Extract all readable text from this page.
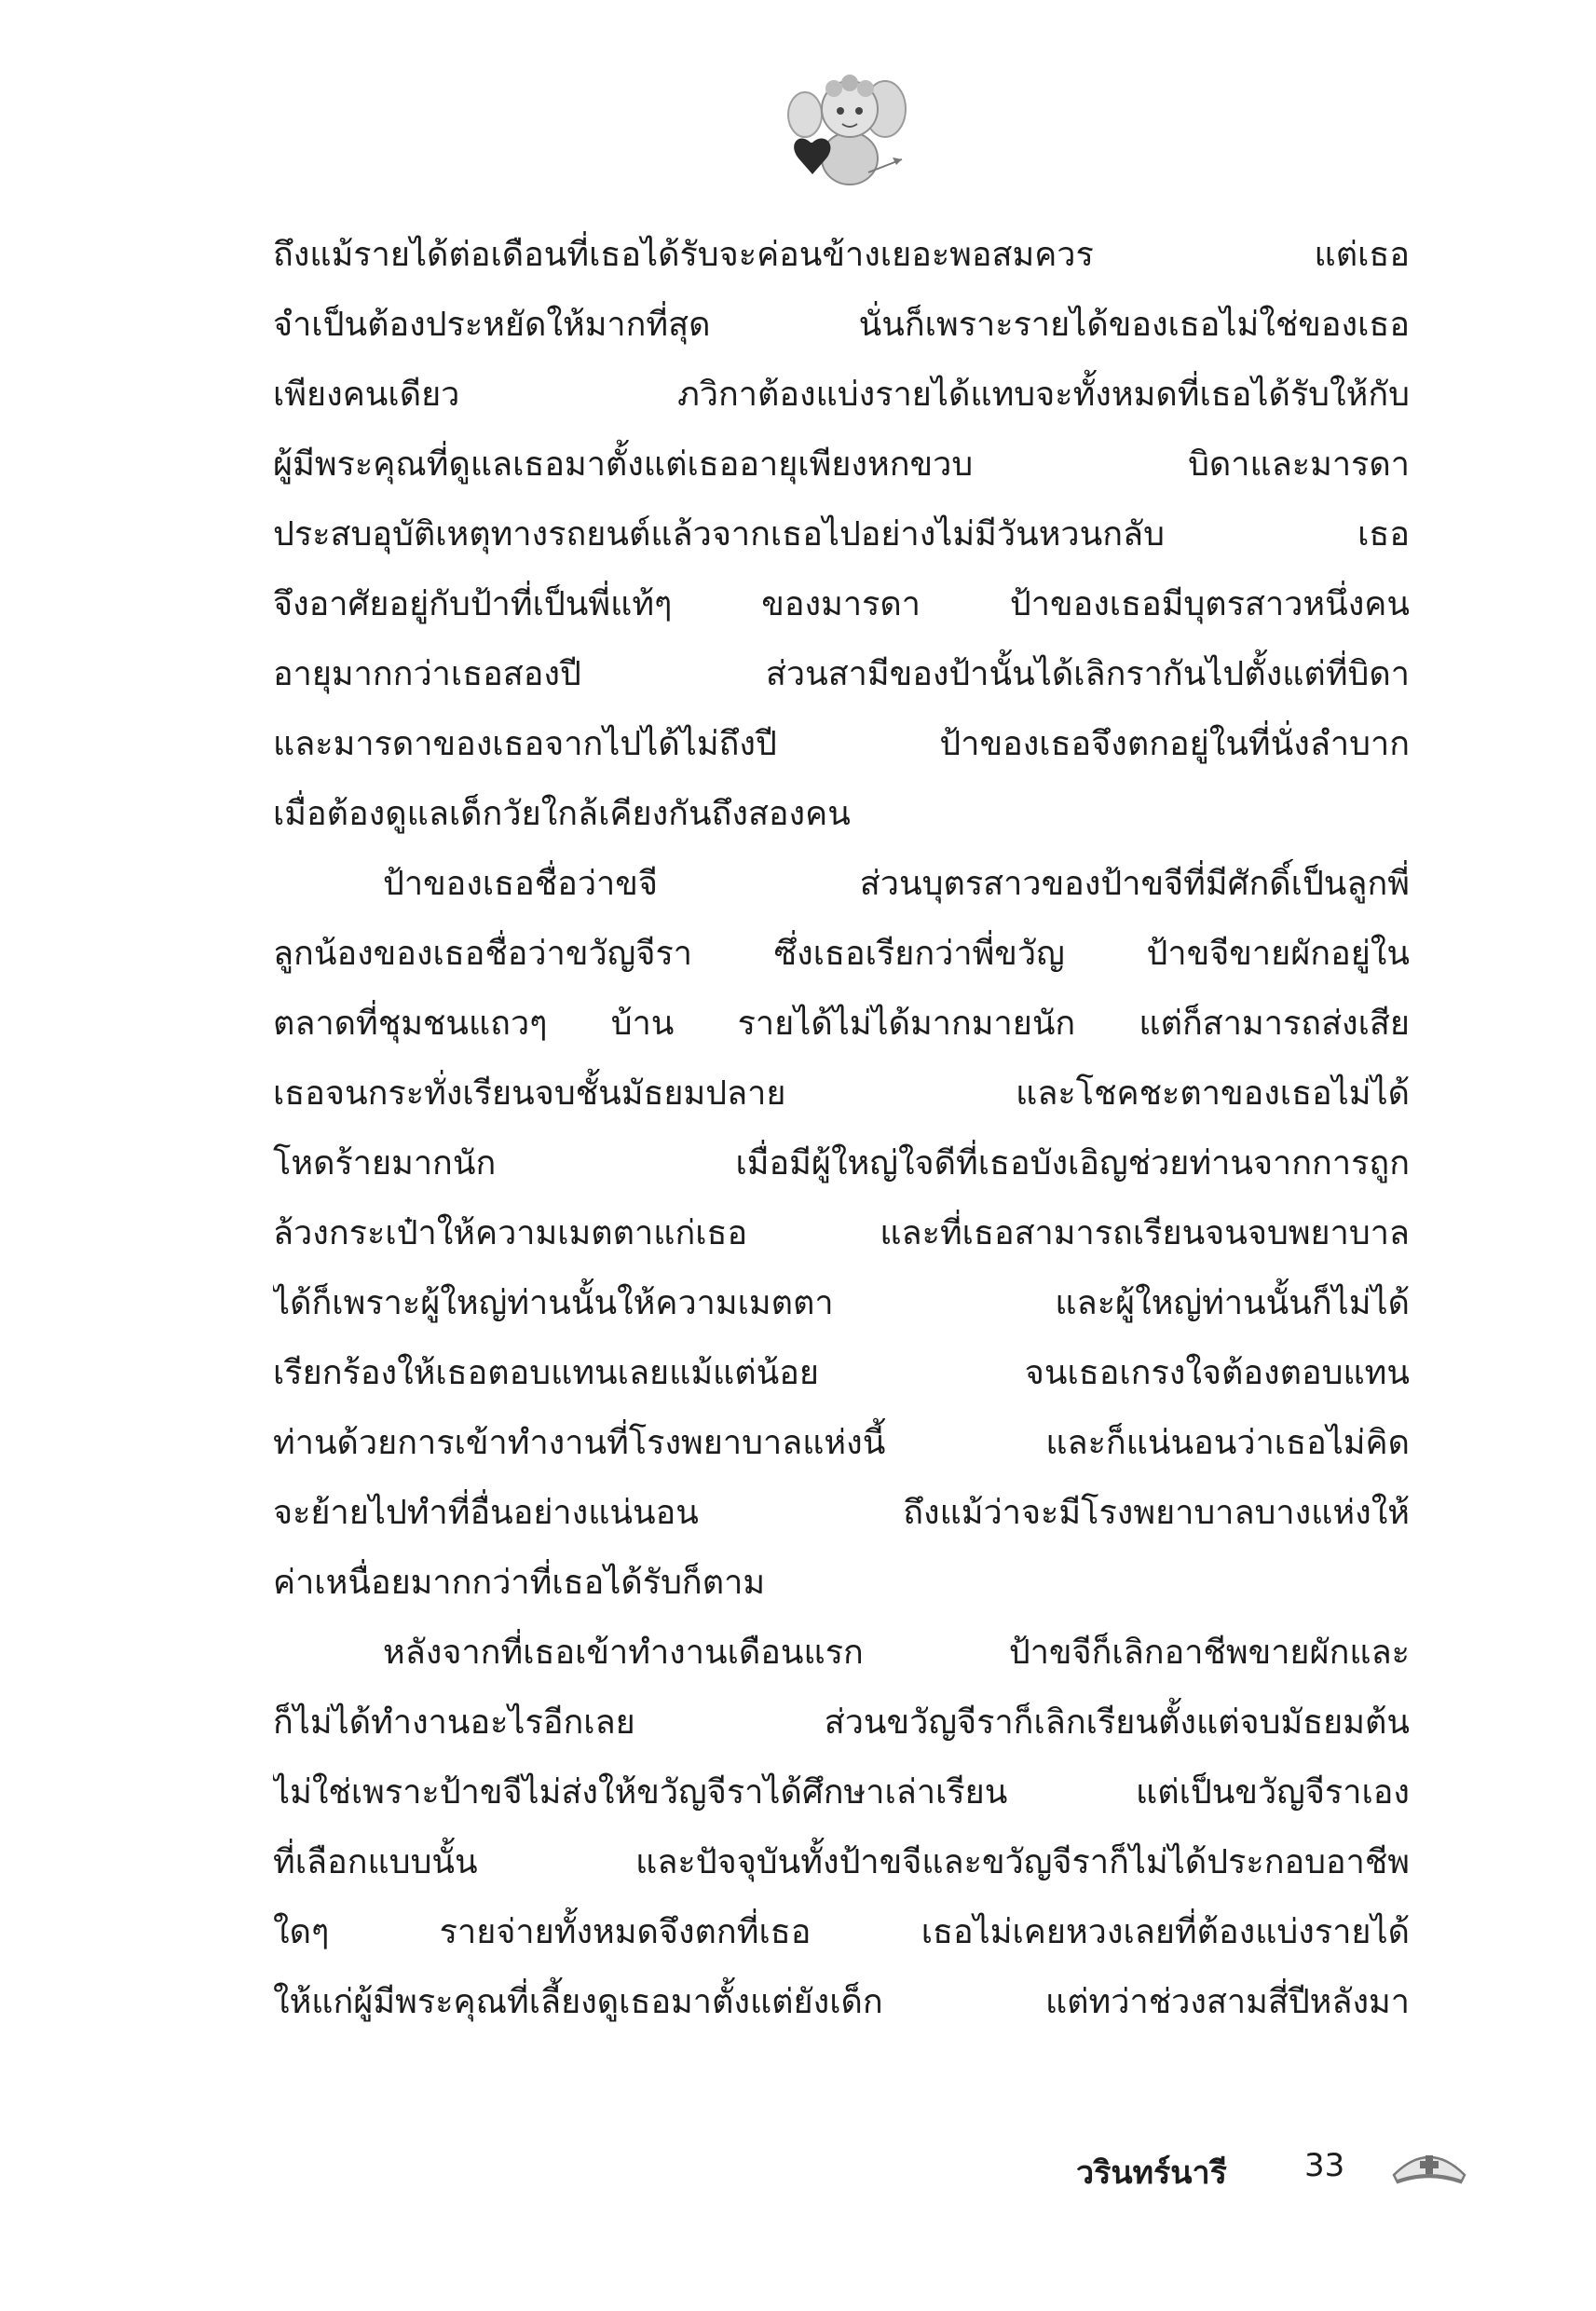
ถึงแม้รายได้ต่อเดือนที่เธอได้รับจะค่อนข้างเยอะพอสมควร แต่เธอ
จำเป็นต้องประหยัดให้มากที่สุด นั่นก็เพราะรายได้ของเธอไม่ใช่ของเธอ
เพียงคนเดียว ภวิกาต้องแบ่งรายได้แทบจะทั้งหมดที่เธอได้รับให้กับ
ผู้มีพระคุณที่ดูแลเธอมาตั้งแต่เธออายุเพียงหกขวบ บิดาและมารดา
ประสบอุบัติเหตุทางรถยนต์แล้วจากเธอไปอย่างไม่มีวันหวนกลับ เธอ
จึงอาศัยอยู่กับป้าที่เป็นพี่แท้ๆ ของมารดา ป้าของเธอมีบุตรสาวหนึ่งคน
อายุมากกว่าเธอสองปี ส่วนสามีของป้านั้นได้เลิกรากันไปตั้งแต่ที่บิดา
และมารดาของเธอจากไปได้ไม่ถึงปี ป้าของเธอจึงตกอยู่ในที่นั่งลำบาก
เมื่อต้องดูแลเด็กวัยใกล้เคียงกันถึงสองคน
ป้าของเธอชื่อว่าขจี ส่วนบุตรสาวของป้าขจีที่มีศักดิ์เป็นลูกพี่
ลูกน้องของเธอชื่อว่าขวัญจีรา ซึ่งเธอเรียกว่าพี่ขวัญ ป้าขจีขายผักอยู่ใน
ตลาดที่ชุมชนแถวๆ บ้าน รายได้ไม่ได้มากมายนัก แต่ก็สามารถส่งเสีย
เธอจนกระทั่งเรียนจบชั้นมัธยมปลาย และโชคชะตาของเธอไม่ได้
โหดร้ายมากนัก เมื่อมีผู้ใหญ่ใจดีที่เธอบังเอิญช่วยท่านจากการถูก
ล้วงกระเป๋าให้ความเมตตาแก่เธอ และที่เธอสามารถเรียนจนจบพยาบาล
ได้ก็เพราะผู้ใหญ่ท่านนั้นให้ความเมตตา และผู้ใหญ่ท่านนั้นก็ไม่ได้
เรียกร้องให้เธอตอบแทนเลยแม้แต่น้อย จนเธอเกรงใจต้องตอบแทน
ท่านด้วยการเข้าทำงานที่โรงพยาบาลแห่งนี้ และก็แน่นอนว่าเธอไม่คิด
จะย้ายไปทำที่อื่นอย่างแน่นอน ถึงแม้ว่าจะมีโรงพยาบาลบางแห่งให้
ค่าเหนื่อยมากกว่าที่เธอได้รับก็ตาม
หลังจากที่เธอเข้าทำงานเดือนแรก ป้าขจีก็เลิกอาชีพขายผักและ
ก็ไม่ได้ทำงานอะไรอีกเลย ส่วนขวัญจีราก็เลิกเรียนตั้งแต่จบมัธยมต้น
ไม่ใช่เพราะป้าขจีไม่ส่งให้ขวัญจีราได้ศึกษาเล่าเรียน แต่เป็นขวัญจีราเอง
ที่เลือกแบบนั้น และปัจจุบันทั้งป้าขจีและขวัญจีราก็ไม่ได้ประกอบอาชีพ
ใดๆ รายจ่ายทั้งหมดจึงตกที่เธอ เธอไม่เคยหวงเลยที่ต้องแบ่งรายได้
ให้แก่ผู้มีพระคุณที่เลี้ยงดูเธอมาตั้งแต่ยังเด็ก แต่ทว่าช่วงสามสี่ปีหลังมา
วรินทร์นารี 33
